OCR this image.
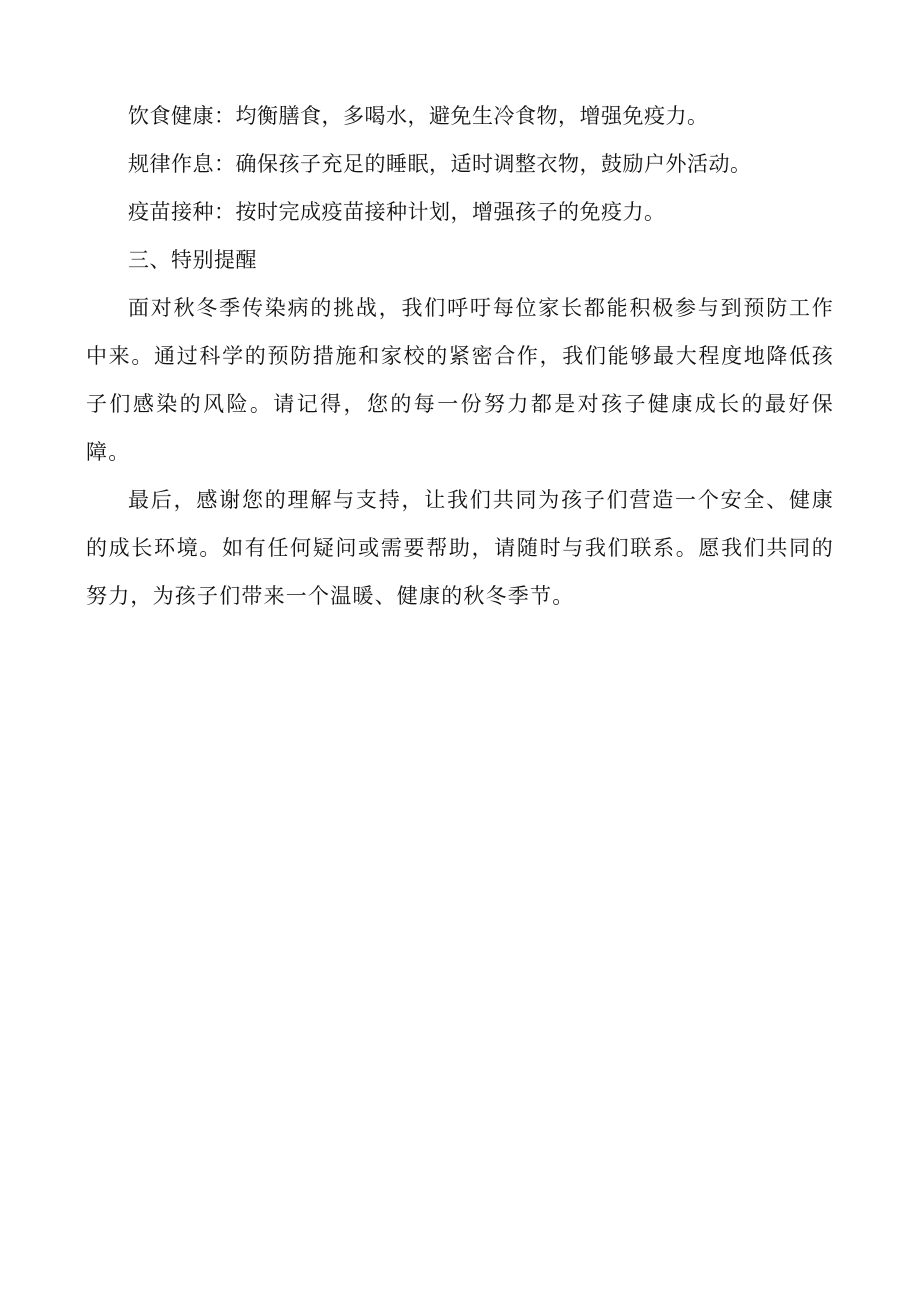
饮食健康：均衡膳食，多喝水，避免生冷食物，增强免疫力。

规律作息：确保孩子充足的睡眠，适时调整衣物，鼓励户外活动。

疫苗接种：按时完成疫苗接种计划，增强孩子的免疫力。

三、特别提醒

面对秋冬季传染病的挑战，我们呼吁每位家长都能积极参与到预防工作中来。通过科学的预防措施和家校的紧密合作，我们能够最大程度地降低孩子们感染的风险。请记得，您的每一份努力都是对孩子健康成长的最好保障。

最后，感谢您的理解与支持，让我们共同为孩子们营造一个安全、健康的成长环境。如有任何疑问或需要帮助，请随时与我们联系。愿我们共同的努力，为孩子们带来一个温暖、健康的秋冬季节。
